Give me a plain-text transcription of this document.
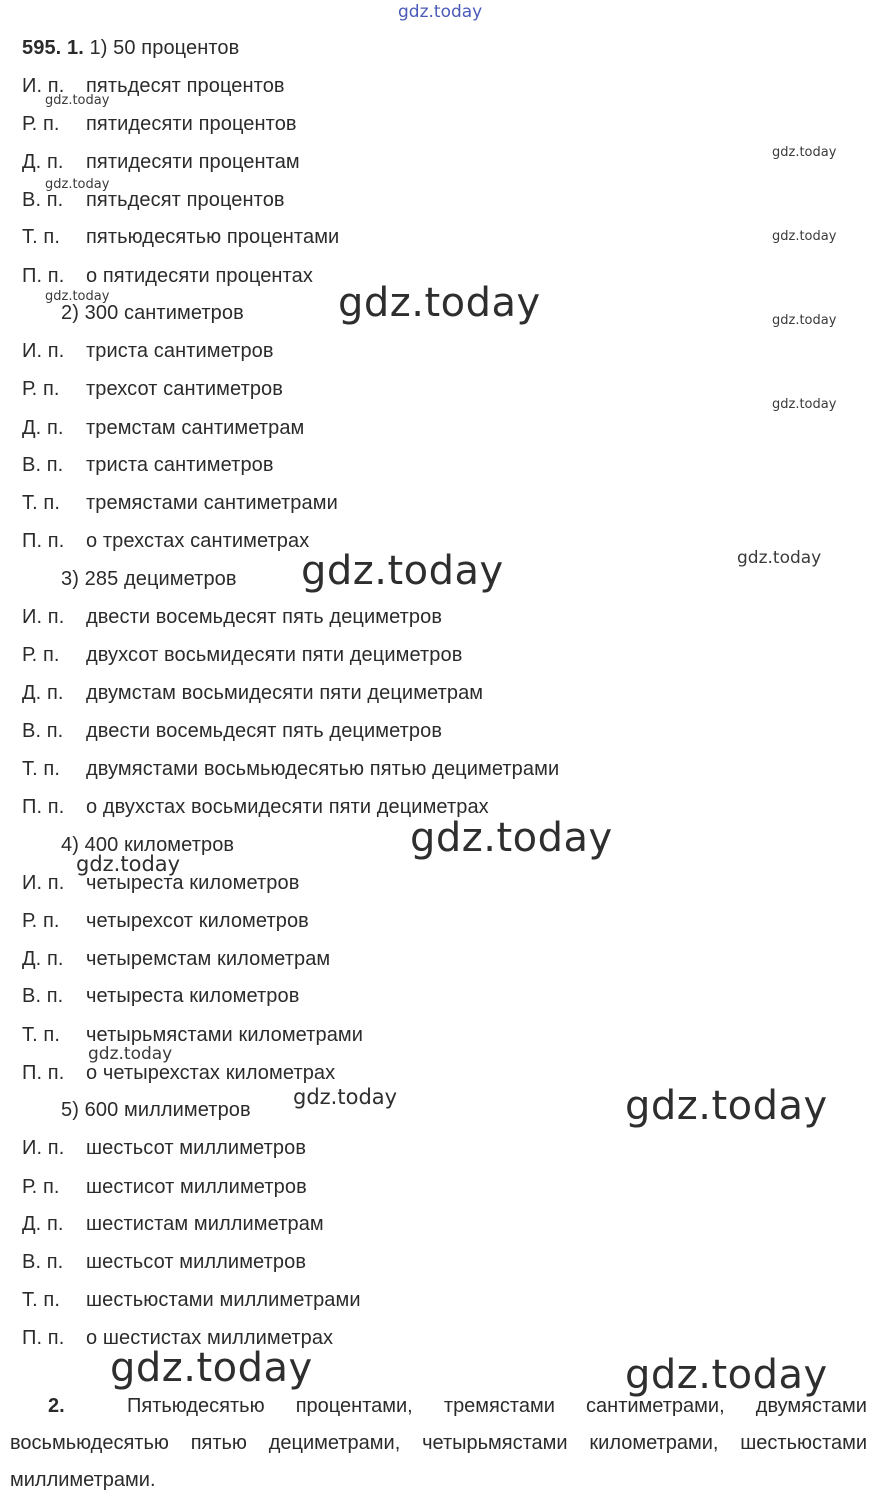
gdz.today
595. 1. 1) 50 процентов
И. п. пятьдесят процентов
Р. п. пятидесяти процентов
Д. п. пятидесяти процентам
В. п. пятьдесят процентов
Т. п. пятьюдесятью процентами
П. п. о пятидесяти процентах
2) 300 сантиметров
И. п. триста сантиметров
Р. п. трехсот сантиметров
Д. п. тремстам сантиметрам
В. п. триста сантиметров
Т. п. тремястами сантиметрами
П. п. о трехстах сантиметрах
3) 285 дециметров
И. п. двести восемьдесят пять дециметров
Р. п. двухсот восьмидесяти пяти дециметров
Д. п. двумстам восьмидесяти пяти дециметрам
В. п. двести восемьдесят пять дециметров
Т. п. двумястами восьмьюдесятью пятью дециметрами
П. п. о двухстах восьмидесяти пяти дециметрах
4) 400 километров
И. п. четыреста километров
Р. п. четырехсот километров
Д. п. четыремстам километрам
В. п. четыреста километров
Т. п. четырьмястами километрами
П. п. о четырехстах километрах
5) 600 миллиметров
И. п. шестьсот миллиметров
Р. п. шестисот миллиметров
Д. п. шестистам миллиметрам
В. п. шестьсот миллиметров
Т. п. шестьюстами миллиметрами
П. п. о шестистах миллиметрах
2.	Пятьюдесятью процентами, тремястами сантиметрами, двумястами восьмьюдесятью пятью дециметрами, четырьмястами километрами, шестьюстами миллиметрами.
gdz.today
gdz.today
gdz.today
gdz.today
gdz.today
gdz.today
gdz.today
gdz.today
gdz.today	gdz.today
gdz.today
gdz.today
gdz.today
gdz.today	gdz.today
gdz.today	gdz.today
